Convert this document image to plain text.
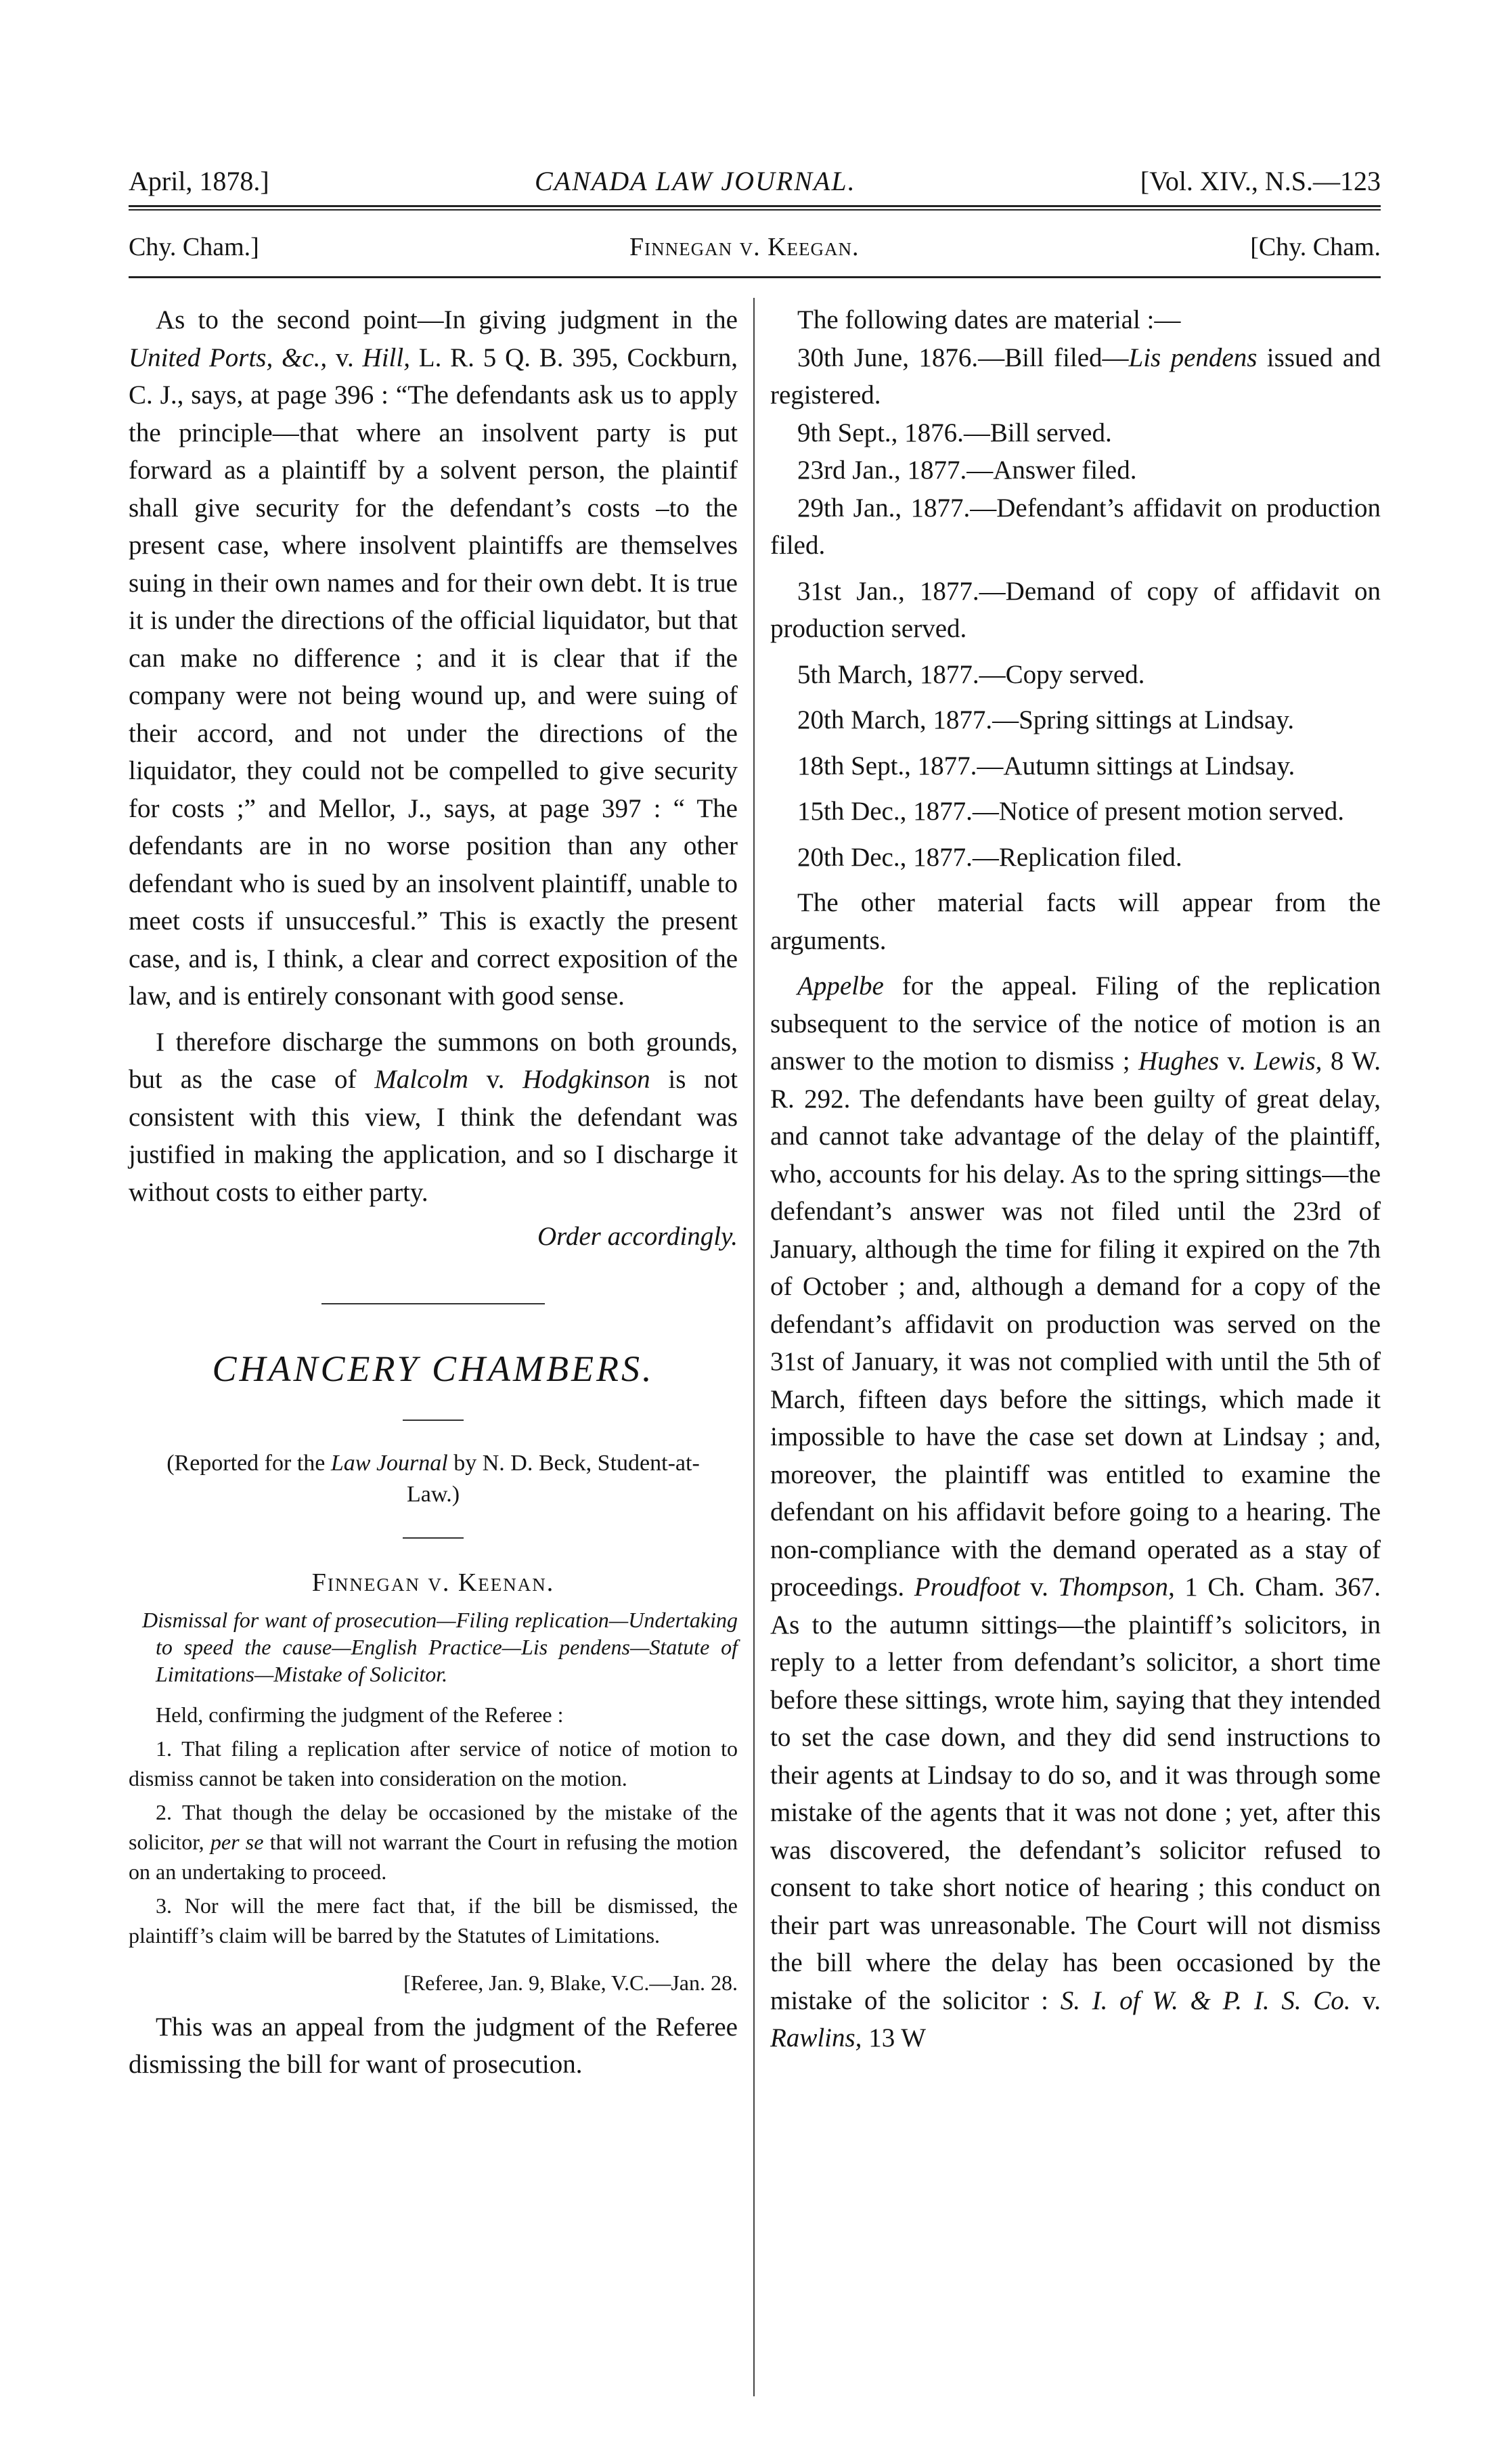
April, 1878.]	CANADA LAW JOURNAL.	[Vol. XIV., N.S.—123
Chy. Cham.]	Finnegan v. Keegan.	[Chy. Cham.

As to the second point—In giving judgment in the United Ports, &c., v. Hill, L. R. 5 Q. B. 395, Cockburn, C. J., says, at page 396 : “The defendants ask us to apply the principle—that where an insolvent party is put forward as a plaintiff by a solvent person, the plaintif shall give security for the defendant’s costs –to the present case, where insolvent plaintiffs are themselves suing in their own names and for their own debt. It is true it is under the directions of the official liquidator, but that can make no difference ; and it is clear that if the company were not being wound up, and were suing of their accord, and not under the directions of the liquidator, they could not be compelled to give security for costs ;” and Mellor, J., says, at page 397 : “ The defendants are in no worse position than any other defendant who is sued by an insolvent plaintiff, unable to meet costs if unsuccesful.” This is exactly the present case, and is, I think, a clear and correct exposition of the law, and is entirely consonant with good sense.

I therefore discharge the summons on both grounds, but as the case of Malcolm v. Hodgkinson is not consistent with this view, I think the defendant was justified in making the application, and so I discharge it without costs to either party.

Order accordingly.
CHANCERY CHAMBERS.
(Reported for the Law Journal by N. D. Beck, Student-at-Law.)
Finnegan v. Keenan.
Dismissal for want of prosecution—Filing replication—Undertaking to speed the cause—English Practice—Lis pendens—Statute of Limitations—Mistake of Solicitor.
Held, confirming the judgment of the Referee :
1. That filing a replication after service of notice of motion to dismiss cannot be taken into consideration on the motion.
2. That though the delay be occasioned by the mistake of the solicitor, per se that will not warrant the Court in refusing the motion on an undertaking to proceed.
3. Nor will the mere fact that, if the bill be dismissed, the plaintiff’s claim will be barred by the Statutes of Limitations.
[Referee, Jan. 9, Blake, V.C.—Jan. 28.

This was an appeal from the judgment of the Referee dismissing the bill for want of prosecution.

The following dates are material :—

30th June, 1876.—Bill filed—Lis pendens issued and registered.

9th Sept., 1876.—Bill served.

23rd Jan., 1877.—Answer filed.

29th Jan., 1877.—Defendant’s affidavit on production filed.

31st Jan., 1877.—Demand of copy of affidavit on production served.

5th March, 1877.—Copy served.

20th March, 1877.—Spring sittings at Lindsay.

18th Sept., 1877.—Autumn sittings at Lindsay.

15th Dec., 1877.—Notice of present motion served.

20th Dec., 1877.—Replication filed.

The other material facts will appear from the arguments.

Appelbe for the appeal. Filing of the replication subsequent to the service of the notice of motion is an answer to the motion to dismiss ; Hughes v. Lewis, 8 W. R. 292. The defendants have been guilty of great delay, and cannot take advantage of the delay of the plaintiff, who, accounts for his delay. As to the spring sittings—the defendant’s answer was not filed until the 23rd of January, although the time for filing it expired on the 7th of October ; and, although a demand for a copy of the defendant’s affidavit on production was served on the 31st of January, it was not complied with until the 5th of March, fifteen days before the sittings, which made it impossible to have the case set down at Lindsay ; and, moreover, the plaintiff was entitled to examine the defendant on his affidavit before going to a hearing. The non-compliance with the demand operated as a stay of proceedings. Proudfoot v. Thompson, 1 Ch. Cham. 367. As to the autumn sittings—the plaintiff’s solicitors, in reply to a letter from defendant’s solicitor, a short time before these sittings, wrote him, saying that they intended to set the case down, and they did send instructions to their agents at Lindsay to do so, and it was through some mistake of the agents that it was not done ; yet, after this was discovered, the defendant’s solicitor refused to consent to take short notice of hearing ; this conduct on their part was unreasonable. The Court will not dismiss the bill where the delay has been occasioned by the mistake of the solicitor : S. I. of W. & P. I. S. Co. v. Rawlins, 13 W
